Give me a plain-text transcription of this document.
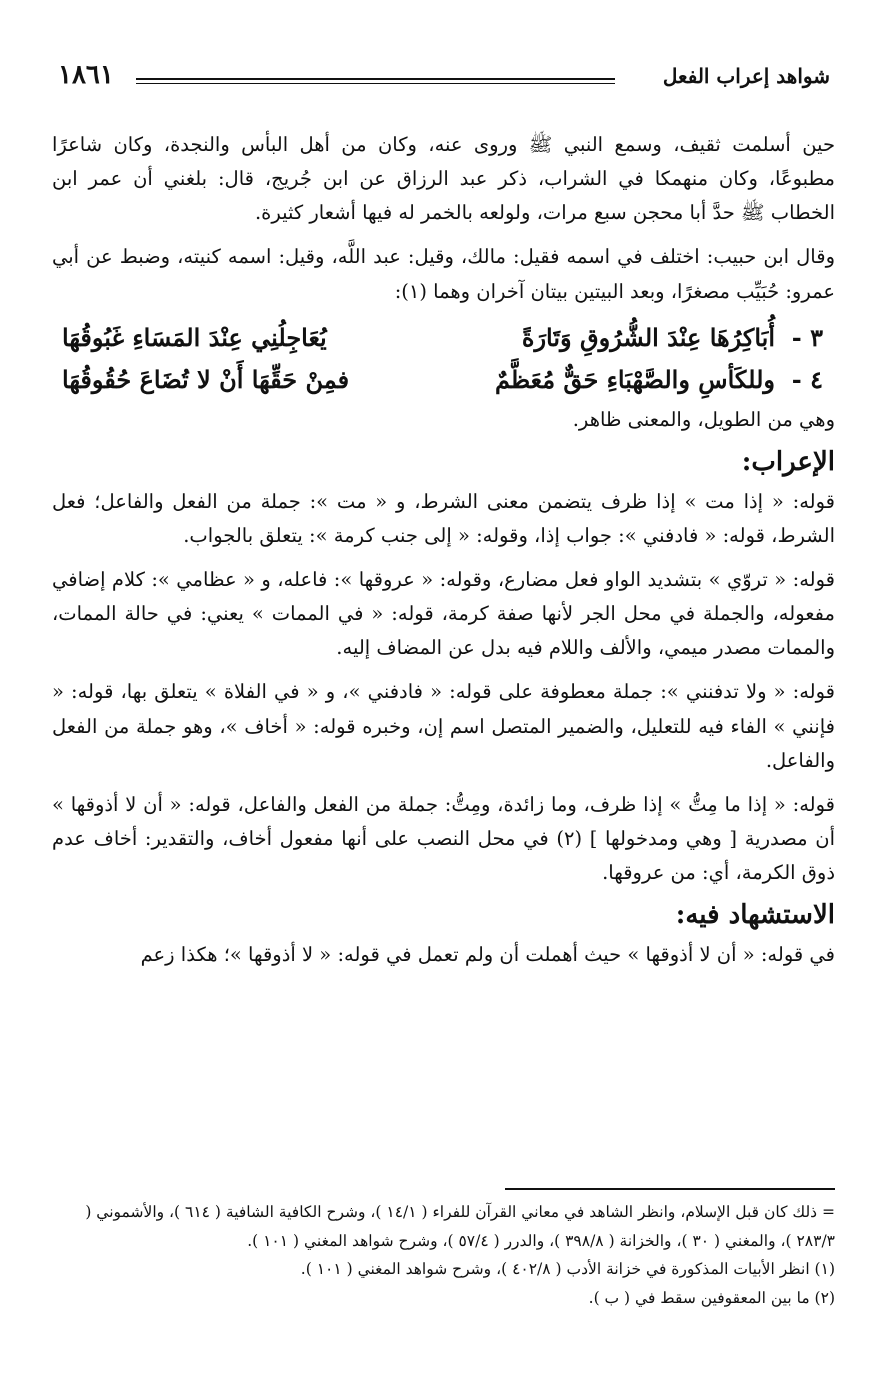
شواهد إعراب الفعل
١٨٦١

حين أسلمت ثقيف، وسمع النبي ﷺ وروى عنه، وكان من أهل البأس والنجدة، وكان شاعرًا مطبوعًا، وكان منهمكا في الشراب، ذكر عبد الرزاق عن ابن جُريج، قال: بلغني أن عمر ابن الخطاب ﷺ حدَّ أبا محجن سبع مرات، ولولعه بالخمر له فيها أشعار كثيرة.

وقال ابن حبيب: اختلف في اسمه فقيل: مالك، وقيل: عبد اللَّه، وقيل: اسمه كنيته، وضبط عن أبي عمرو: حُبَيِّب مصغرًا، وبعد البيتين بيتان آخران وهما (١):

٣ -
أُبَاكِرُهَا عِنْدَ الشُّرُوقِ وَتَارَةً
يُعَاجِلُنِي عِنْدَ المَسَاءِ غَبُوقُهَا
٤ -
وللكَأسِ والصَّهْبَاءِ حَقٌّ مُعَظَّمٌ
فمِنْ حَقِّهَا أَنْ لا تُضَاعَ حُقُوقُهَا

وهي من الطويل، والمعنى ظاهر.

الإعراب:

قوله: « إذا مت » إذا ظرف يتضمن معنى الشرط، و « مت »: جملة من الفعل والفاعل؛ فعل الشرط، قوله: « فادفني »: جواب إذا، وقوله: « إلى جنب كرمة »: يتعلق بالجواب.

قوله: « تروّي » بتشديد الواو فعل مضارع، وقوله: « عروقها »: فاعله، و « عظامي »: كلام إضافي مفعوله، والجملة في محل الجر لأنها صفة كرمة، قوله: « في الممات » يعني: في حالة الممات، والممات مصدر ميمي، والألف واللام فيه بدل عن المضاف إليه.

قوله: « ولا تدفنني »: جملة معطوفة على قوله: « فادفني »، و « في الفلاة » يتعلق بها، قوله: « فإنني » الفاء فيه للتعليل، والضمير المتصل اسم إن، وخبره قوله: « أخاف »، وهو جملة من الفعل والفاعل.

قوله: « إذا ما مِتُّ » إذا ظرف، وما زائدة، ومِتُّ: جملة من الفعل والفاعل، قوله: « أن لا أذوقها » أن مصدرية [ وهي ومدخولها ] (٢) في محل النصب على أنها مفعول أخاف، والتقدير: أخاف عدم ذوق الكرمة، أي: من عروقها.

الاستشهاد فيه:

في قوله: « أن لا أذوقها » حيث أهملت أن ولم تعمل في قوله: « لا أذوقها »؛ هكذا زعم

= ذلك كان قبل الإسلام، وانظر الشاهد في معاني القرآن للفراء ( ١٤/١ )، وشرح الكافية الشافية ( ٦١٤ )، والأشموني ( ٢٨٣/٣ )، والمغني ( ٣٠ )، والخزانة ( ٣٩٨/٨ )، والدرر ( ٥٧/٤ )، وشرح شواهد المغني ( ١٠١ ).
(١) انظر الأبيات المذكورة في خزانة الأدب ( ٤٠٢/٨ )، وشرح شواهد المغني ( ١٠١ ).
(٢) ما بين المعقوفين سقط في ( ب ).
